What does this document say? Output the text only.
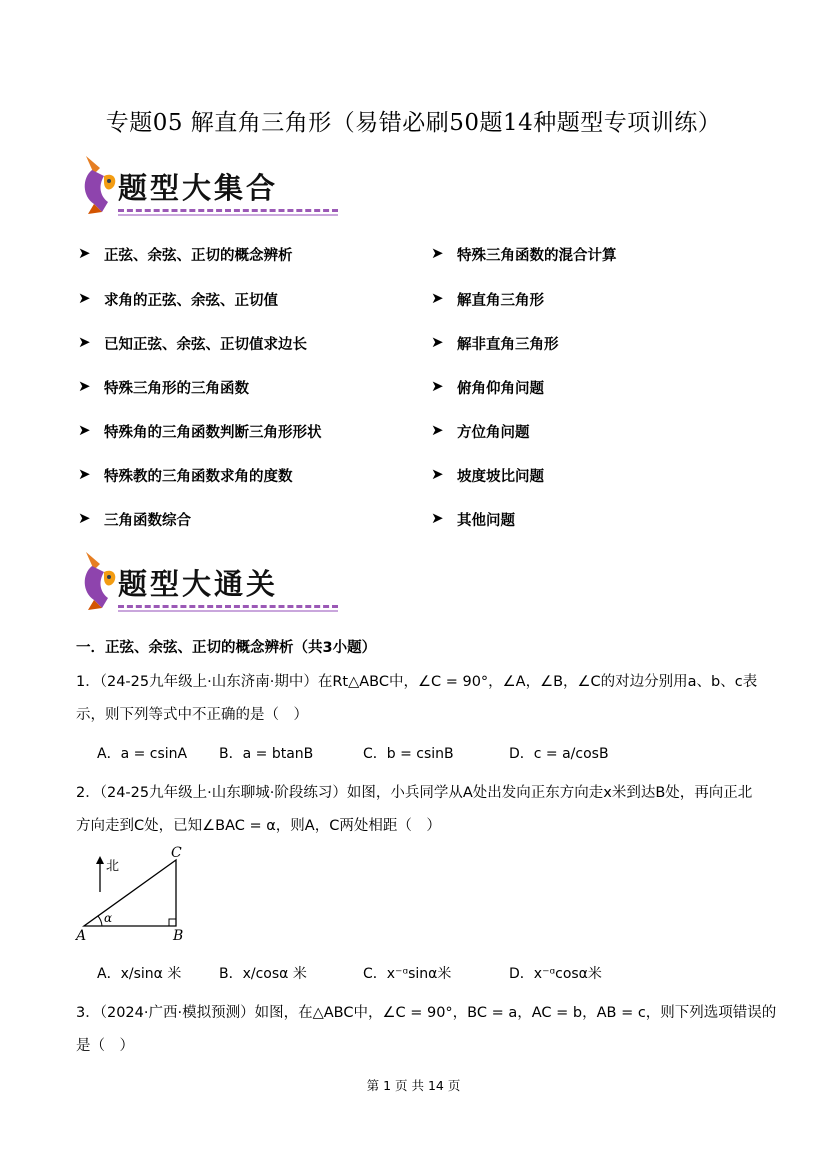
专题05 解直角三角形（易错必刷50题14种题型专项训练）
题型大集合
➤ 正弦、余弦、正切的概念辨析
➤ 求角的正弦、余弦、正切值
➤ 已知正弦、余弦、正切值求边长
➤ 特殊三角形的三角函数
➤ 特殊角的三角函数判断三角形形状
➤ 特殊教的三角函数求角的度数
➤ 三角函数综合
➤ 特殊三角函数的混合计算
➤ 解直角三角形
➤ 解非直角三角形
➤ 俯角仰角问题
➤ 方位角问题
➤ 坡度坡比问题
➤ 其他问题
题型大通关
一．正弦、余弦、正切的概念辨析（共3小题）
1．（24-25九年级上·山东济南·期中）在Rt△ABC中，∠C = 90°，∠A，∠B，∠C的对边分别用a、b、c表
示，则下列等式中不正确的是（　）
A．a = csinA B．a = btanB	C．b = csinB	D．c = a/cosB
2．（24-25九年级上·山东聊城·阶段练习）如图，小兵同学从A处出发向正东方向走x米到达B处，再向正北
方向走到C处，已知∠BAC = α，则A，C两处相距（　）
北
α
A	B
C
A．x/sinα 米	B．x/cosα 米	C．x⁻ᵅsinα米	D．x⁻ᵅcosα米
3．（2024·广西·模拟预测）如图，在△ABC中，∠C = 90°，BC = a，AC = b，AB = c，则下列选项错误的
是（　）
第 1 页 共 14 页
